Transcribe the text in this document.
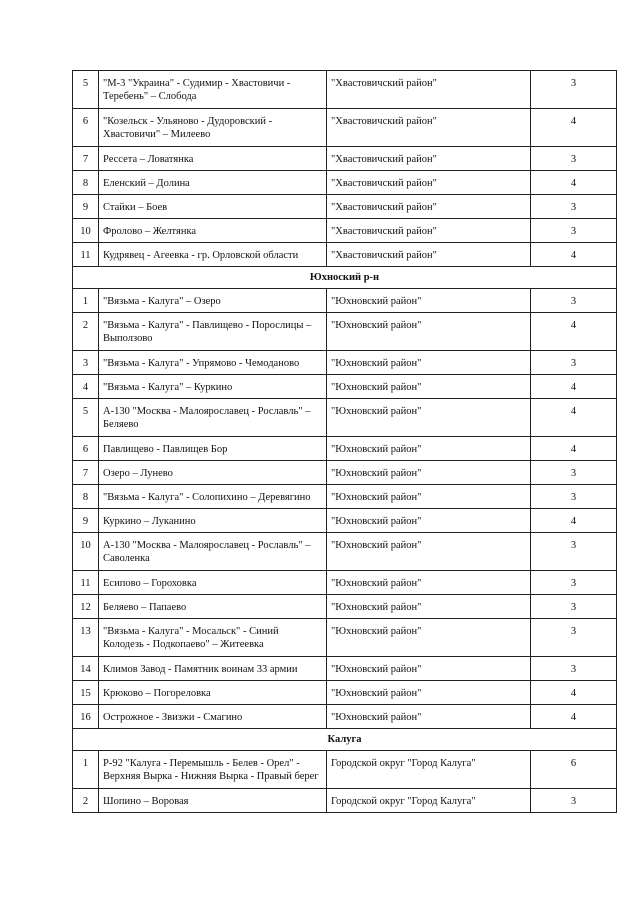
5	"М-3 "Украина" - Судимир - Хвастовичи - Теребень" – Слобода	"Хвастовичский район"	3
6	"Козельск - Ульяново - Дудоровский - Хвастовичи" – Милеево	"Хвастовичский район"	4
7	Рессета – Ловатянка	"Хвастовичский район"	3
8	Еленский – Долина	"Хвастовичский район"	4
9	Стайки – Боев	"Хвастовичский район"	3
10	Фролово – Желтянка	"Хвастовичский район"	3
11	Кудрявец - Агеевка - гр. Орловской области	"Хвастовичский район"	4
Юхноский р-н			
1	"Вязьма - Калуга" – Озеро	"Юхновский район"	3
2	"Вязьма - Калуга" - Павлищево - Порослицы – Выползово	"Юхновский район"	4
3	"Вязьма - Калуга" - Упрямово - Чемоданово	"Юхновский район"	3
4	"Вязьма - Калуга" – Куркино	"Юхновский район"	4
5	А-130 "Москва - Малоярославец - Рославль" – Беляево	"Юхновский район"	4
6	Павлищево - Павлищев Бор	"Юхновский район"	4
7	Озеро – Лунево	"Юхновский район"	3
8	"Вязьма - Калуга" - Солопихино – Деревягино	"Юхновский район"	3
9	Куркино – Луканино	"Юхновский район"	4
10	А-130 "Москва - Малоярославец - Рославль" – Саволенка	"Юхновский район"	3
11	Есипово – Гороховка	"Юхновский район"	3
12	Беляево – Папаево	"Юхновский район"	3
13	"Вязьма - Калуга" - Мосальск" - Синий Колодезь - Подкопаево" – Житеевка	"Юхновский район"	3
14	Климов Завод - Памятник воинам 33 армии	"Юхновский район"	3
15	Крюково – Погореловка	"Юхновский район"	4
16	Острожное - Звизжи - Смагино	"Юхновский район"	4
Калуга			
1	Р-92 "Калуга - Перемышль - Белев - Орел" - Верхняя Вырка - Нижняя Вырка - Правый берег	Городской округ "Город Калуга"	6
2	Шопино – Воровая	Городской округ "Город Калуга"	3
